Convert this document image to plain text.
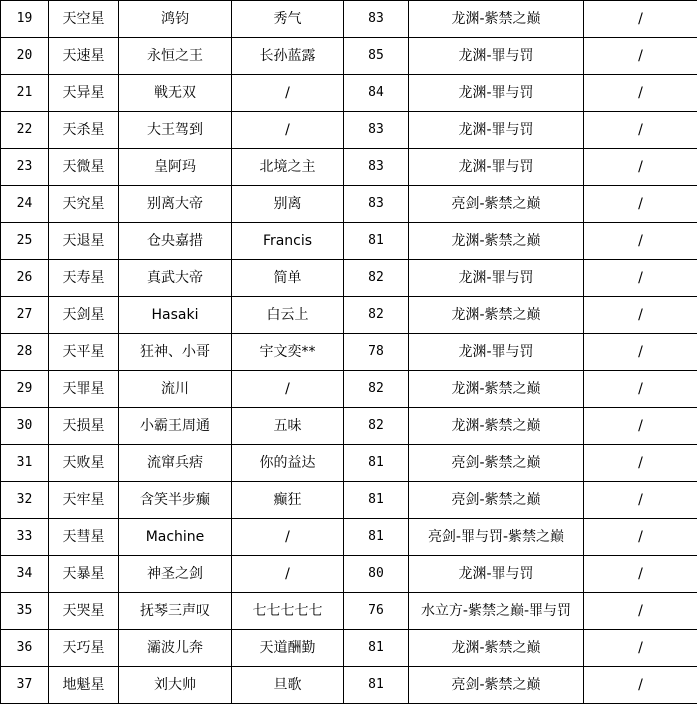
19	天空星	鸿钧	秀气	83	龙渊-紫禁之巅	/
20	天速星	永恒之王	长孙蓝露	85	龙渊-罪与罚	/
21	天异星	戦无双	/	84	龙渊-罪与罚	/
22	天杀星	大王驾到	/	83	龙渊-罪与罚	/
23	天微星	皇阿玛	北境之主	83	龙渊-罪与罚	/
24	天究星	别离大帝	别离	83	亮剑-紫禁之巅	/
25	天退星	仓央嘉措	Francis	81	龙渊-紫禁之巅	/
26	天寿星	真武大帝	简单	82	龙渊-罪与罚	/
27	天剑星	Hasaki	白云上	82	龙渊-紫禁之巅	/
28	天平星	狂神、小哥	宇文奕**	78	龙渊-罪与罚	/
29	天罪星	流川	/	82	龙渊-紫禁之巅	/
30	天损星	小霸王周通	五味	82	龙渊-紫禁之巅	/
31	天败星	流窜兵痞	你的益达	81	亮剑-紫禁之巅	/
32	天牢星	含笑半步癫	癫狂	81	亮剑-紫禁之巅	/
33	天彗星	Machine	/	81	亮剑-罪与罚-紫禁之巅	/
34	天暴星	神圣之剑	/	80	龙渊-罪与罚	/
35	天哭星	抚琴三声叹	七七七七七	76	水立方-紫禁之巅-罪与罚	/
36	天巧星	灞波儿奔	天道酬勤	81	龙渊-紫禁之巅	/
37	地魁星	刘大帅	旦歌	81	亮剑-紫禁之巅	/
